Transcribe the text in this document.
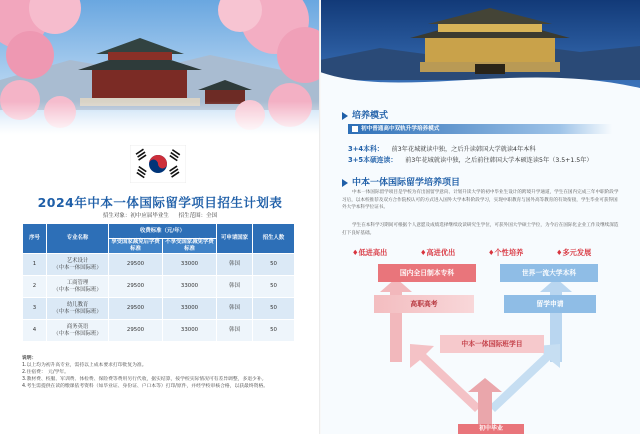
2024年中本一体国际留学项目招生计划表
招生对象：初中应届毕业生 招生范围：全国
序号	专业名称	收费标准（元/年）		可申请国家	招生人数
		享受国家减免后学费标准	不享受国家减免学费标准		
1	艺术设计
（中本一体国际班）	29500	33000	韩国	50
2	工商管理
（中本一体国际班）	29500	33000	韩国	50
3	幼儿教育
（中本一体国际班）	29500	33000	韩国	50
4	商务英语
（中本一体国际班）	29500	33000	韩国	50
说明：
1.以上均为初升高专业，需持以上成本要求打印批复为准。
2.住宿费：　元/学年。
3.教材费、校服、军训费、体检费、保险费等费用另行代收，据实结算，按学校实际情况可有差异调整，多退少补。
4.考生需提供在读的缴课依考资料（如毕业证、身份证、户口本等）打印/原件，并经学校审核合格，以获最终资格。
培养模式
初中普通高中双轨升学培养模式
3+4本科： 前3年花城就读中独，之后升读韩国大学就读4年本科
3+5本硕连读： 前3年花城就读中独，之后前往韩国大学本硕连读5年（3.5+1.5年）
中本一体国际留学培养项目
中本一体国际留学项目是学校为有出国留学意向、计划升读大学的初中毕业生设计的跨境升学通道，学生在国内完成三年中职阶段学习后，以本校推荐及双方合作院校认可的方式进入国外大学本科阶段学习，实现中职教育与国外高等教育的有效衔接，学生毕业可获得国外大学本科学位证书。
学生在本科学习期间可根据个人意愿及成绩选择继续攻读研究生学位，可获外国大学硕士学位，为今后在国际化企业工作及继续深造打下良好基础。
♦低进高出	♦高进优出	♦个性培养	♦多元发展
国内全日制本专科	世界一流大学本科
高职高考	留学申请
中本一体国际班学目
初中毕业
